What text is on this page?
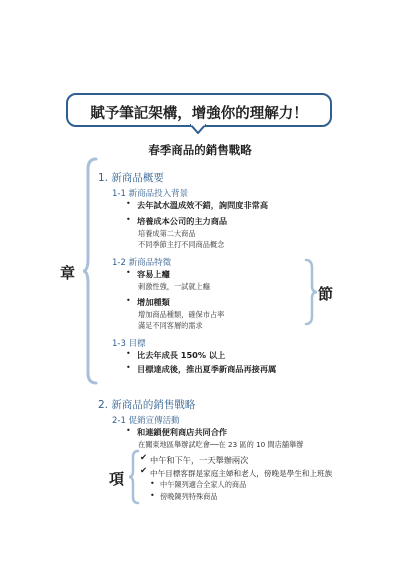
賦予筆記架構，增強你的理解力！
春季商品的銷售戰略
章
節
項
1. 新商品概要
1-1 新商品投入背景
• 去年試水溫成效不錯，詢問度非常高
• 培養成本公司的主力商品
培養成第二大商品
不同季節主打不同商品概念
1-2 新商品特徵
• 容易上癮
刺激性強，一試就上癮
• 增加種類
增加商品種類，確保市占率
滿足不同客層的需求
1-3 目標
• 比去年成長 150% 以上
• 目標達成後，推出夏季新商品再接再厲
2. 新商品的銷售戰略
2-1 促銷宣傳活動
• 和連鎖便利商店共同合作
在關東地區舉辦試吃會──在 23 區的 10 間店舖舉辦
✔ 中午和下午，一天舉辦兩次
✔ 中午目標客群是家庭主婦和老人，傍晚是學生和上班族
• 中午陳列適合全家人的商品
• 傍晚陳列特殊商品
